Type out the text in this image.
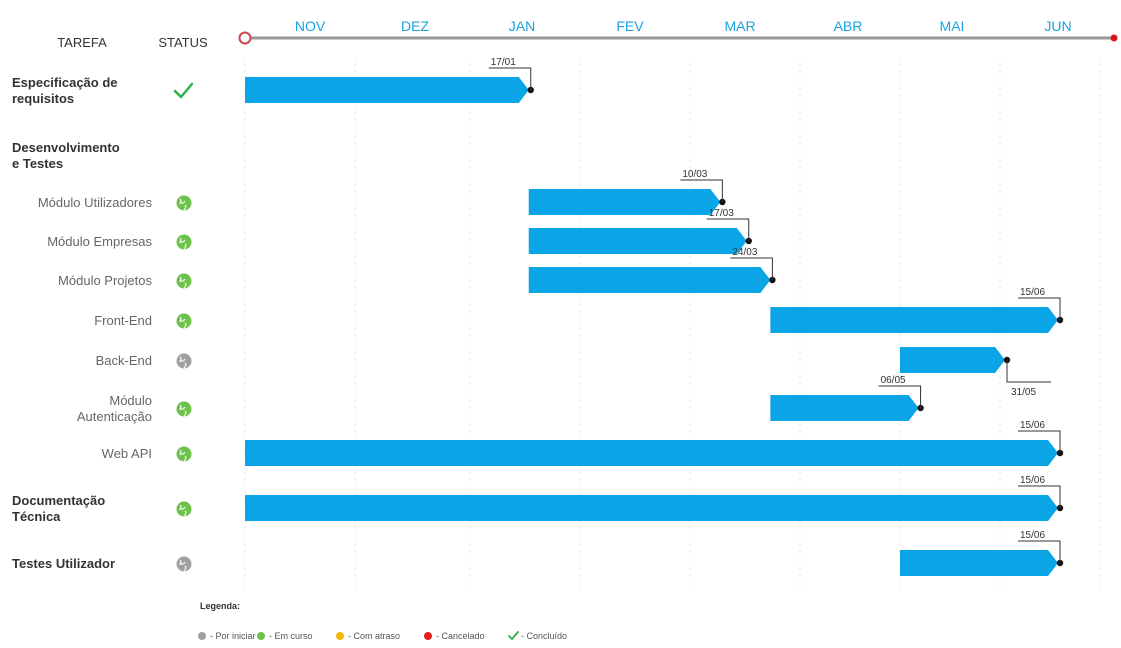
TAREFA	STATUS
NOV	DEZ	JAN	FEV	MAR	ABR	MAI	JUN
Especificação de requisitos
17/01
Desenvolvimento e Testes
Módulo Utilizadores
10/03
Módulo Empresas
17/03
Módulo Projetos
24/03
Front-End
15/06
Back-End
31/05
Módulo Autenticação
06/05
Web API
15/06
Documentação Técnica
15/06
Testes Utilizador
15/06
Legenda:
- Por iniciar - Em curso	- Com atraso	- Cancelado	- Concluído
